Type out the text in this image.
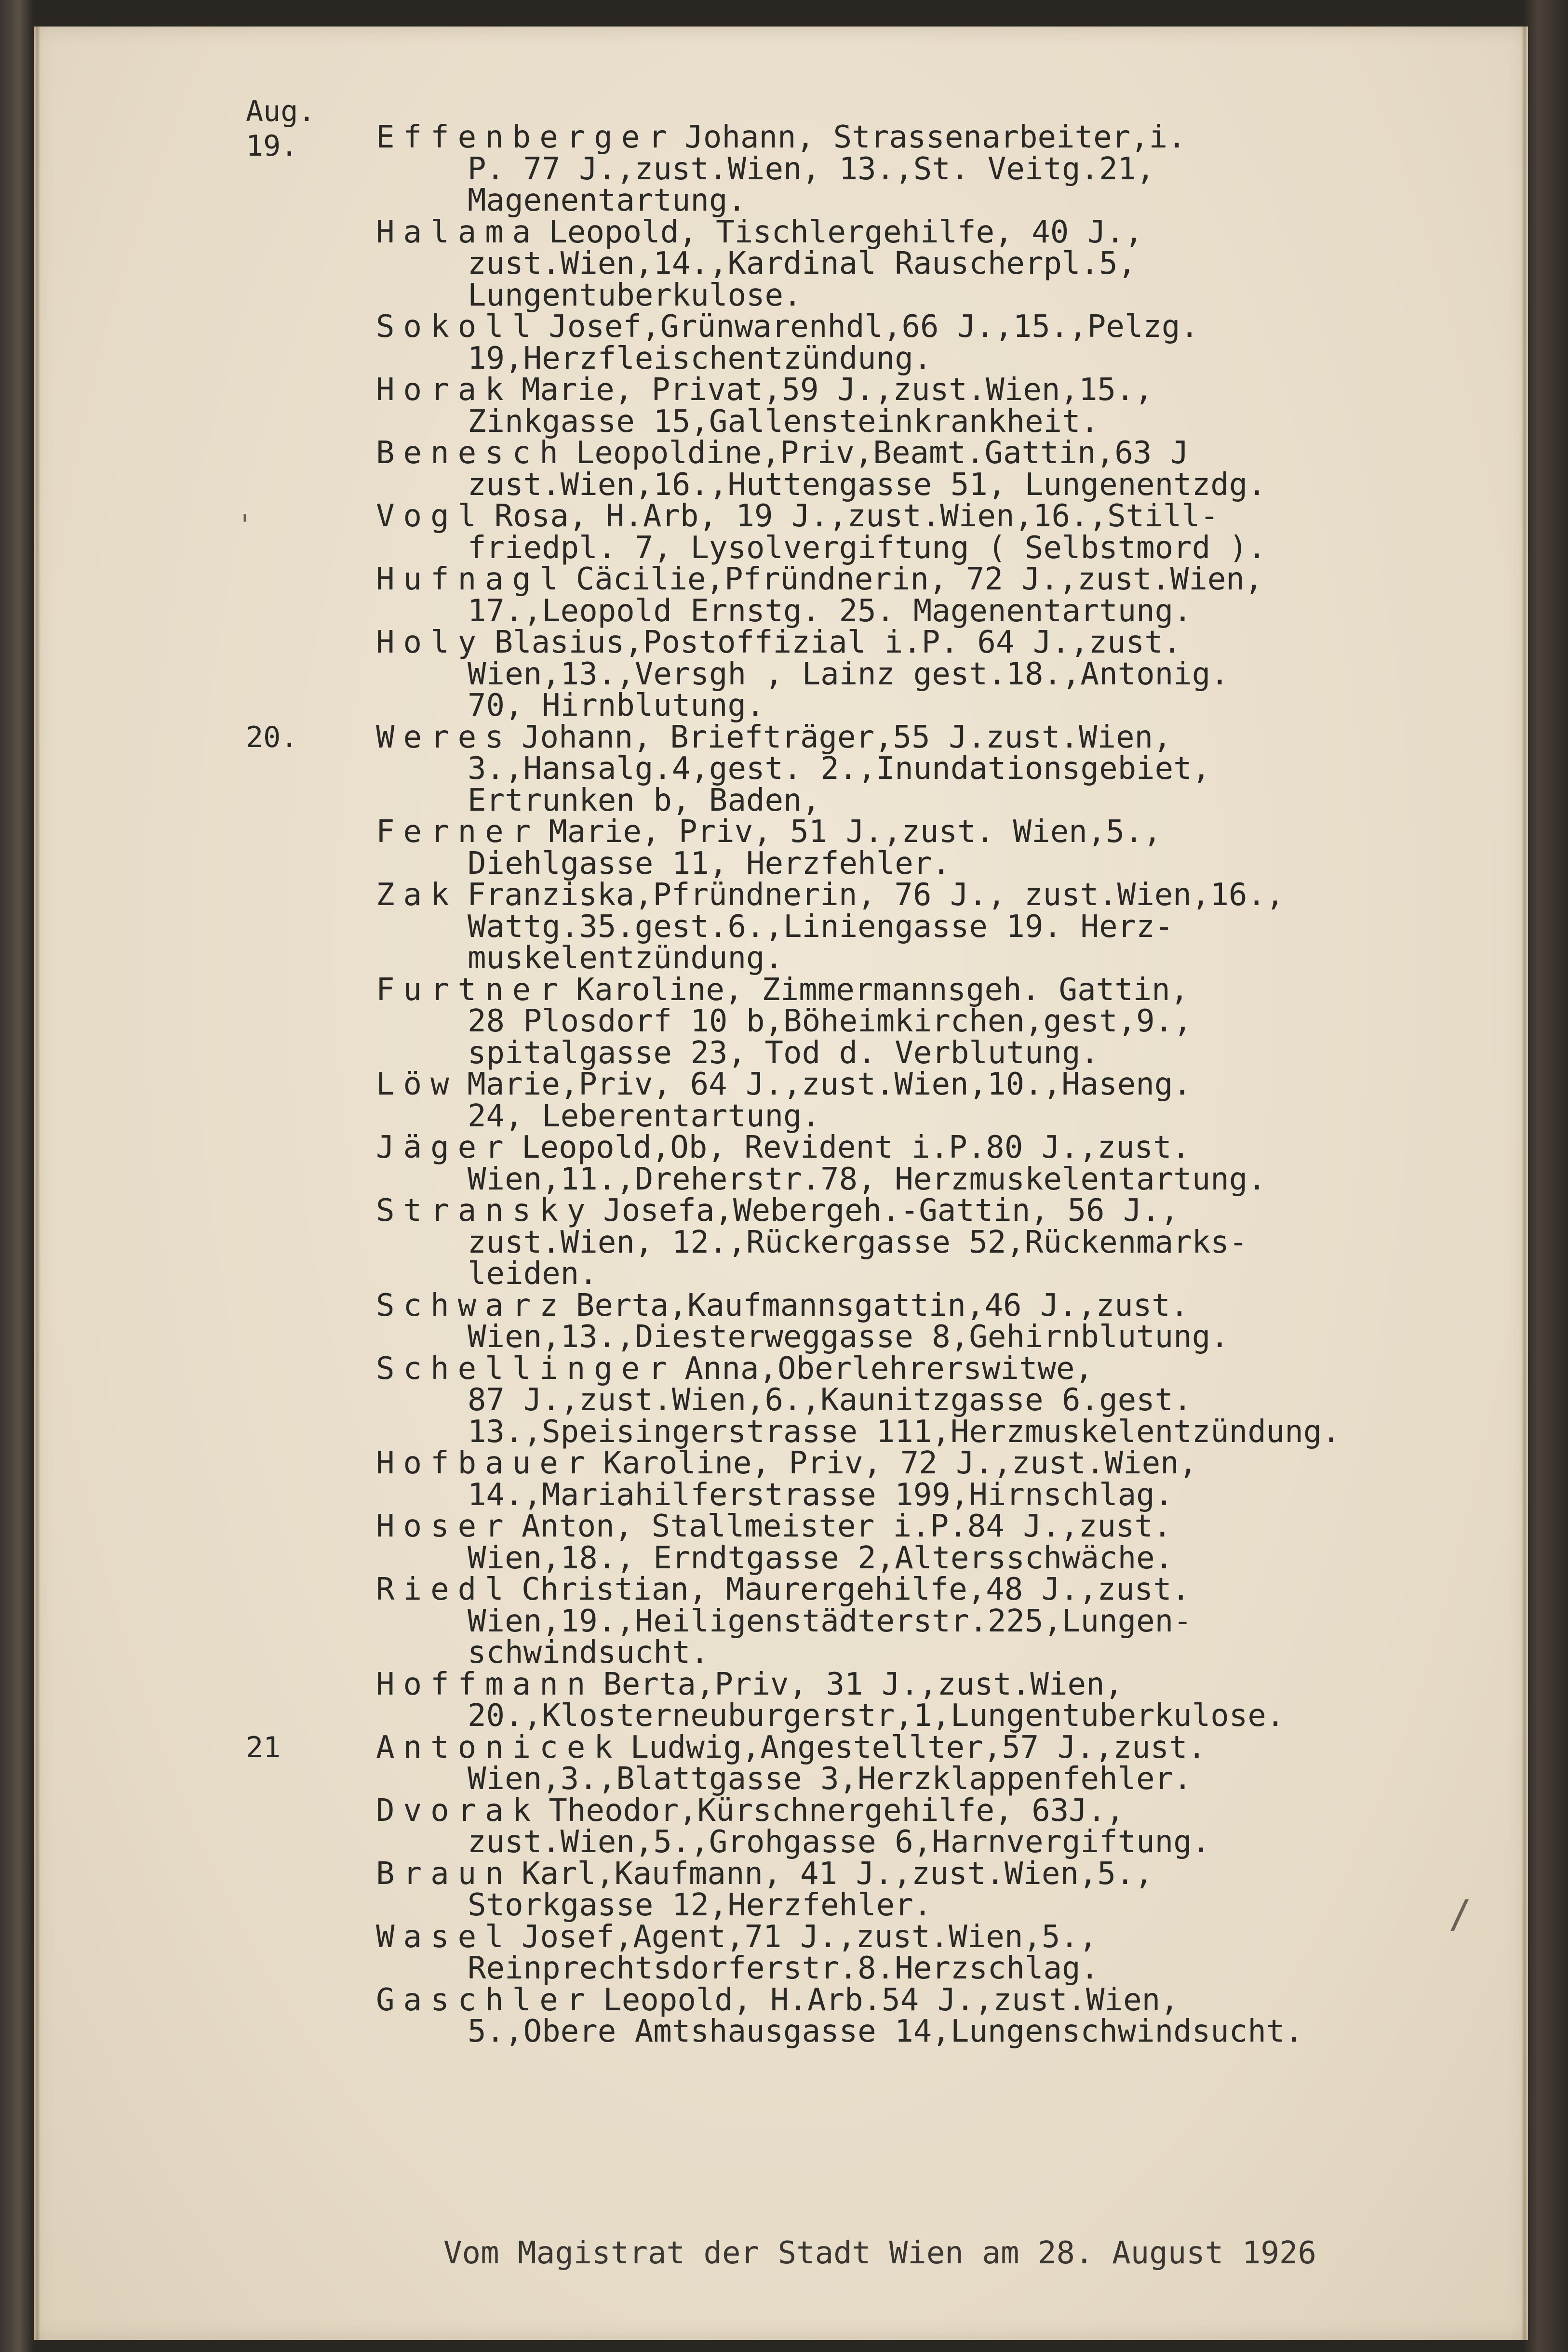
Aug.
19.	Effenberger Johann, Strassenarbeiter,i.
P. 77 J.,zust.Wien, 13.,St. Veitg.21,
Magenentartung.
Halama Leopold, Tischlergehilfe, 40 J.,
zust.Wien,14.,Kardinal Rauscherpl.5,
Lungentuberkulose.
Sokoll Josef,Grünwarenhdl,66 J.,15.,Pelzg.
19,Herzfleischentzündung.
Horak Marie, Privat,59 J.,zust.Wien,15.,
Zinkgasse 15,Gallensteinkrankheit.
Benesch Leopoldine,Priv,Beamt.Gattin,63 J
zust.Wien,16.,Huttengasse 51, Lungenentzdg.
Vogl Rosa, H.Arb, 19 J.,zust.Wien,16.,Still-
friedpl. 7, Lysolvergiftung ( Selbstmord ).
Hufnagl Cäcilie,Pfründnerin, 72 J.,zust.Wien,
17.,Leopold Ernstg. 25. Magenentartung.
Holy Blasius,Postoffizial i.P. 64 J.,zust.
Wien,13.,Versgh , Lainz gest.18.,Antonig.
70, Hirnblutung.
20.	Weres Johann, Briefträger,55 J.zust.Wien,
3.,Hansalg.4,gest. 2.,Inundationsgebiet,
Ertrunken b, Baden,
Ferner Marie, Priv, 51 J.,zust. Wien,5.,
Diehlgasse 11, Herzfehler.
Zak Franziska,Pfründnerin, 76 J., zust.Wien,16.,
Wattg.35.gest.6.,Liniengasse 19. Herz-
muskelentzündung.
Furtner Karoline, Zimmermannsgeh. Gattin,
28 Plosdorf 10 b,Böheimkirchen,gest,9.,
spitalgasse 23, Tod d. Verblutung.
Löw Marie,Priv, 64 J.,zust.Wien,10.,Haseng.
24, Leberentartung.
Jäger Leopold,Ob, Revident i.P.80 J.,zust.
Wien,11.,Dreherstr.78, Herzmuskelentartung.
Stransky Josefa,Webergeh.-Gattin, 56 J.,
zust.Wien, 12.,Rückergasse 52,Rückenmarks-
leiden.
Schwarz Berta,Kaufmannsgattin,46 J.,zust.
Wien,13.,Diesterweggasse 8,Gehirnblutung.
Schellinger Anna,Oberlehrerswitwe,
87 J.,zust.Wien,6.,Kaunitzgasse 6.gest.
13.,Speisingerstrasse 111,Herzmuskelentzündung.
Hofbauer Karoline, Priv, 72 J.,zust.Wien,
14.,Mariahilferstrasse 199,Hirnschlag.
Hoser Anton, Stallmeister i.P.84 J.,zust.
Wien,18., Erndtgasse 2,Altersschwäche.
Riedl Christian, Maurergehilfe,48 J.,zust.
Wien,19.,Heiligenstädterstr.225,Lungen-
schwindsucht.
Hoffmann Berta,Priv, 31 J.,zust.Wien,
20.,Klosterneuburgerstr,1,Lungentuberkulose.
21	Antonicek Ludwig,Angestellter,57 J.,zust.
Wien,3.,Blattgasse 3,Herzklappenfehler.
Dvorak Theodor,Kürschnergehilfe, 63J.,
zust.Wien,5.,Grohgasse 6,Harnvergiftung.
Braun Karl,Kaufmann, 41 J.,zust.Wien,5.,
Storkgasse 12,Herzfehler.
Wasel Josef,Agent,71 J.,zust.Wien,5.,
Reinprechtsdorferstr.8.Herzschlag.
Gaschler Leopold, H.Arb.54 J.,zust.Wien,
5.,Obere Amtshausgasse 14,Lungenschwindsucht.
Vom Magistrat der Stadt Wien am 28. August 1926
'
/
